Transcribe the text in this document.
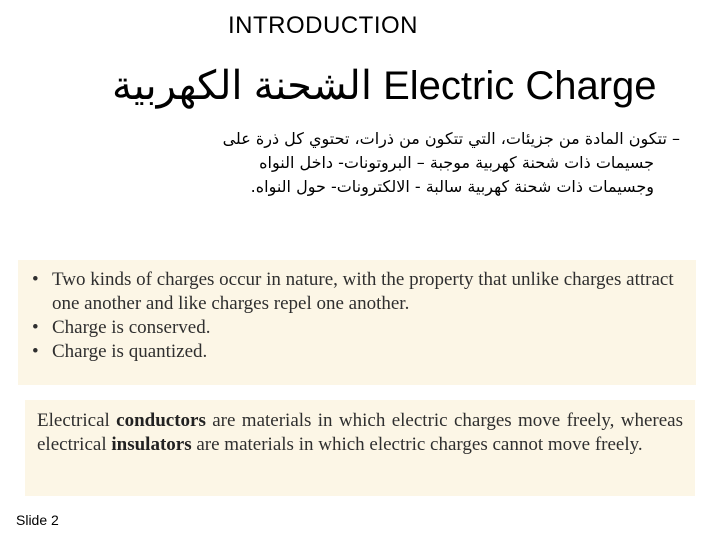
INTRODUCTION
الشحنة الكهربية Electric Charge
– تتكون المادة من جزيئات، التي تتكون من ذرات، تحتوي كل ذرة على
جسيمات ذات شحنة كهربية موجبة – البروتونات- داخل النواه
وجسيمات ذات شحنة كهربية سالبة - الالكترونات- حول النواه.
• Two kinds of charges occur in nature, with the property that unlike charges attract one another and like charges repel one another.
• Charge is conserved.
• Charge is quantized.
Electrical conductors are materials in which electric charges move freely, whereas electrical insulators are materials in which electric charges cannot move freely.
Slide 2
